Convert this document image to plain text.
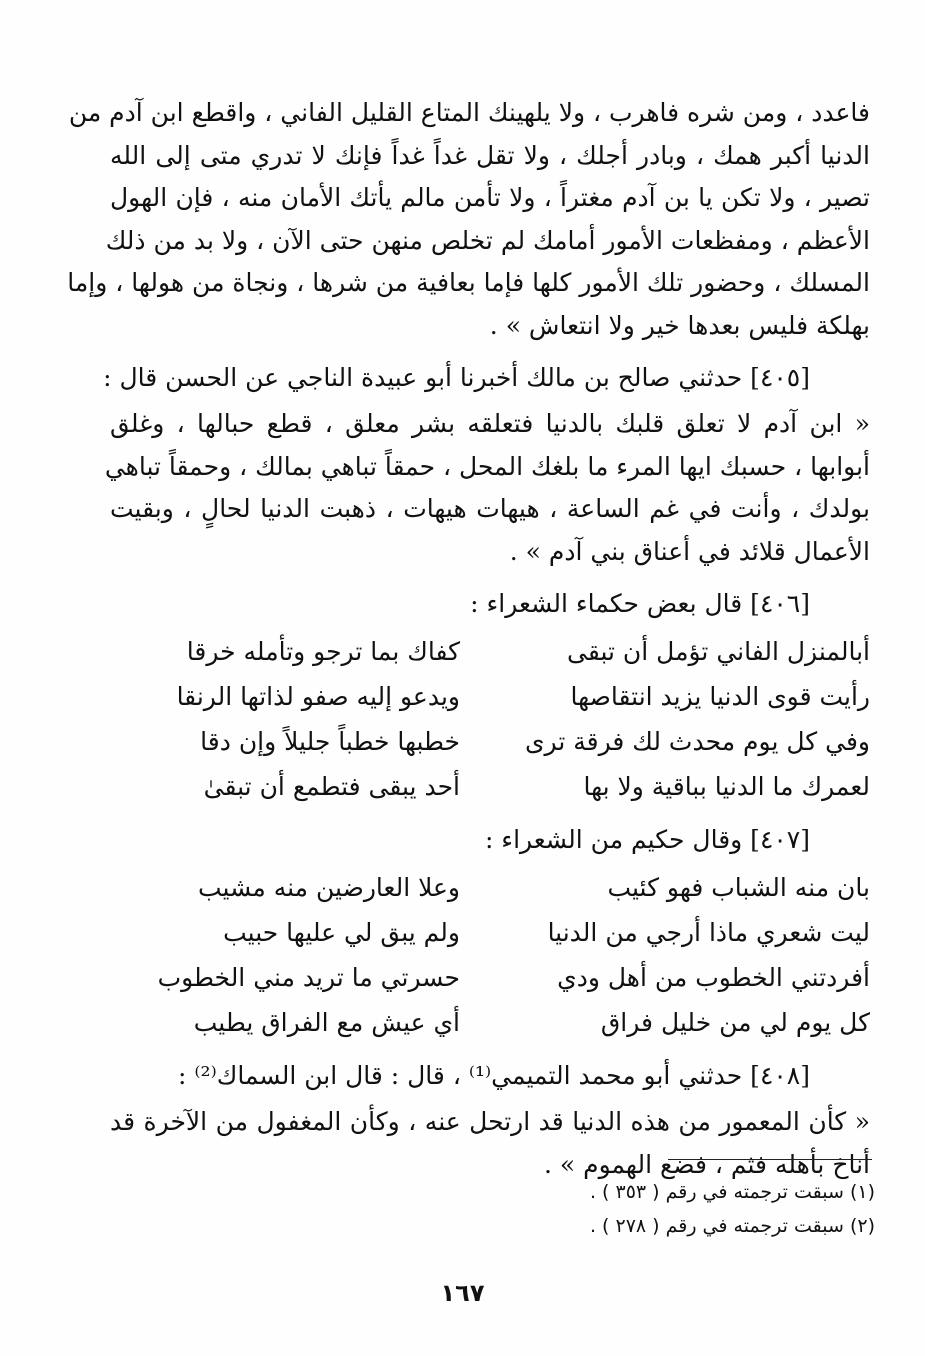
فاعدد ، ومن شره فاهرب ، ولا يلهينك المتاع القليل الفاني ، واقطع ابن آدم من
الدنيا أكبر همك ، وبادر أجلك ، ولا تقل غداً غداً فإنك لا تدري متى إلى الله
تصير ، ولا تكن يا بن آدم مغتراً ، ولا تأمن مالم يأتك الأمان منه ، فإن الهول
الأعظم ، ومفظعات الأمور أمامك لم تخلص منهن حتى الآن ، ولا بد من ذلك
المسلك ، وحضور تلك الأمور كلها فإما بعافية من شرها ، ونجاة من هولها ، وإما
بهلكة فليس بعدها خير ولا انتعاش » .
[٤٠٥] حدثني صالح بن مالك أخبرنا أبو عبيدة الناجي عن الحسن قال :
« ابن آدم لا تعلق قلبك بالدنيا فتعلقه بشر معلق ، قطع حبالها ، وغلق
أبوابها ، حسبك ايها المرء ما بلغك المحل ، حمقاً تباهي بمالك ، وحمقاً تباهي
بولدك ، وأنت في غم الساعة ، هيهات هيهات ، ذهبت الدنيا لحالٍ ، وبقيت
الأعمال قلائد في أعناق بني آدم » .
[٤٠٦] قال بعض حكماء الشعراء :
أبالمنزل الفاني تؤمل أن تبقى
كفاك بما ترجو وتأمله خرقا
رأيت قوى الدنيا يزيد انتقاصها
ويدعو إليه صفو لذاتها الرنقا
وفي كل يوم محدث لك فرقة ترى
خطبها خطباً جليلاً وإن دقا
لعمرك ما الدنيا بباقية ولا بها
أحد يبقى فتطمع أن تبقىٰ
[٤٠٧] وقال حكيم من الشعراء :
بان منه الشباب فهو كئيب
وعلا العارضين منه مشيب
ليت شعري ماذا أرجي من الدنيا
ولم يبق لي عليها حبيب
أفردتني الخطوب من أهل ودي
حسرتي ما تريد مني الخطوب
كل يوم لي من خليل فراق
أي عيش مع الفراق يطيب
[٤٠٨] حدثني أبو محمد التميمي⁽¹⁾ ، قال : قال ابن السماك⁽²⁾ :
« كأن المعمور من هذه الدنيا قد ارتحل عنه ، وكأن المغفول من الآخرة قد
أناخ بأهله فثم ، فضع الهموم » .
(١) سبقت ترجمته في رقم ( ٣٥٣ ) .
(٢) سبقت ترجمته في رقم ( ٢٧٨ ) .
١٦٧
